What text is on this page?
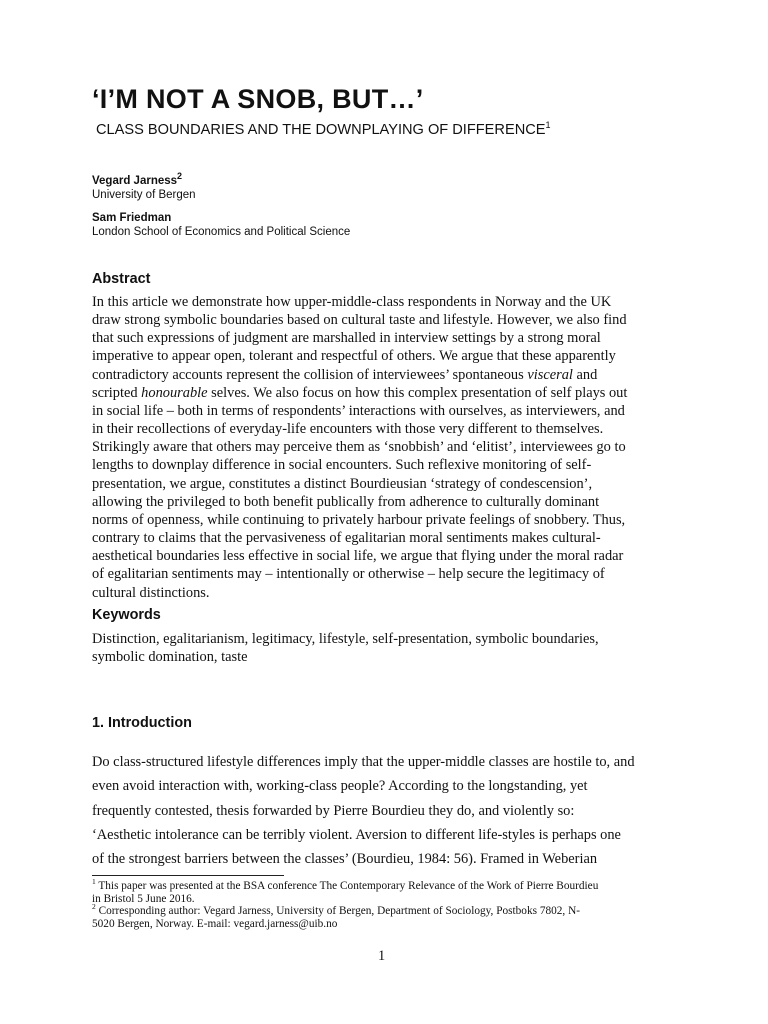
‘I’M NOT A SNOB, BUT…’
CLASS BOUNDARIES AND THE DOWNPLAYING OF DIFFERENCE$^1$
Vegard Jarness$^2$
University of Bergen
Sam Friedman
London School of Economics and Political Science
Abstract
In this article we demonstrate how upper-middle-class respondents in Norway and the UK
draw strong symbolic boundaries based on cultural taste and lifestyle. However, we also find
that such expressions of judgment are marshalled in interview settings by a strong moral
imperative to appear open, tolerant and respectful of others. We argue that these apparently
contradictory accounts represent the collision of interviewees’ spontaneous visceral and
scripted honourable selves. We also focus on how this complex presentation of self plays out
in social life – both in terms of respondents’ interactions with ourselves, as interviewers, and
in their recollections of everyday-life encounters with those very different to themselves.
Strikingly aware that others may perceive them as ‘snobbish’ and ‘elitist’, interviewees go to
lengths to downplay difference in social encounters. Such reflexive monitoring of self-
presentation, we argue, constitutes a distinct Bourdieusian ‘strategy of condescension’,
allowing the privileged to both benefit publically from adherence to culturally dominant
norms of openness, while continuing to privately harbour private feelings of snobbery. Thus,
contrary to claims that the pervasiveness of egalitarian moral sentiments makes cultural-
aesthetical boundaries less effective in social life, we argue that flying under the moral radar
of egalitarian sentiments may – intentionally or otherwise – help secure the legitimacy of
cultural distinctions.
Keywords
Distinction, egalitarianism, legitimacy, lifestyle, self-presentation, symbolic boundaries,
symbolic domination, taste
1. Introduction
Do class-structured lifestyle differences imply that the upper-middle classes are hostile to, and
even avoid interaction with, working-class people? According to the longstanding, yet
frequently contested, thesis forwarded by Pierre Bourdieu they do, and violently so:
‘Aesthetic intolerance can be terribly violent. Aversion to different life-styles is perhaps one
of the strongest barriers between the classes’ (Bourdieu, 1984: 56). Framed in Weberian
$^1$ This paper was presented at the BSA conference The Contemporary Relevance of the Work of Pierre Bourdieu
in Bristol 5 June 2016.
$^2$ Corresponding author: Vegard Jarness, University of Bergen, Department of Sociology, Postboks 7802, N-
5020 Bergen, Norway. E-mail: vegard.jarness@uib.no
1
